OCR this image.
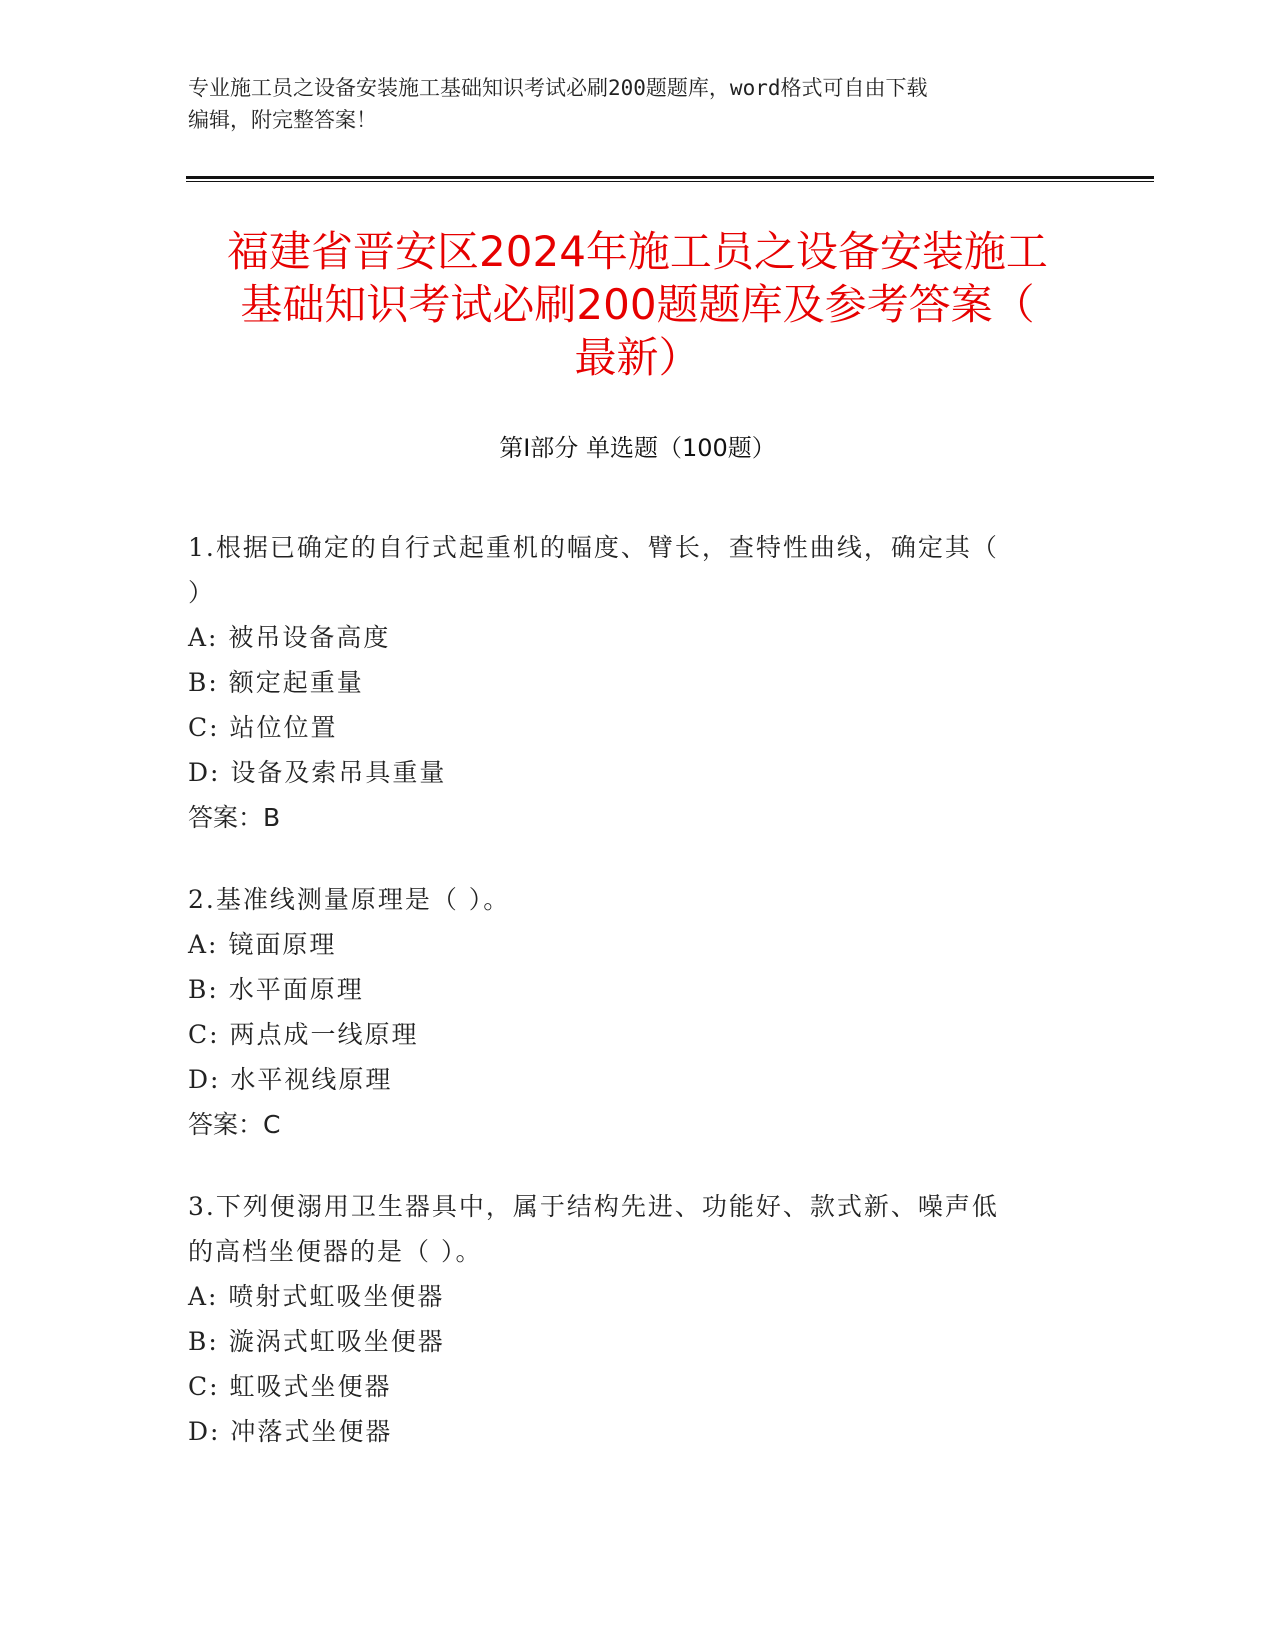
专业施工员之设备安装施工基础知识考试必刷200题题库，word格式可自由下载
编辑，附完整答案！
福建省晋安区2024年施工员之设备安装施工
基础知识考试必刷200题题库及参考答案（
最新）
第Ⅰ部分 单选题（100题）
1.根据已确定的自行式起重机的幅度、臂长，查特性曲线，确定其（
）
A: 被吊设备高度
B: 额定起重量
C: 站位位置
D: 设备及索吊具重量
答案：B
2.基准线测量原理是（ ）。
A: 镜面原理
B: 水平面原理
C: 两点成一线原理
D: 水平视线原理
答案：C
3.下列便溺用卫生器具中，属于结构先进、功能好、款式新、噪声低
的高档坐便器的是（ ）。
A: 喷射式虹吸坐便器
B: 漩涡式虹吸坐便器
C: 虹吸式坐便器
D: 冲落式坐便器
